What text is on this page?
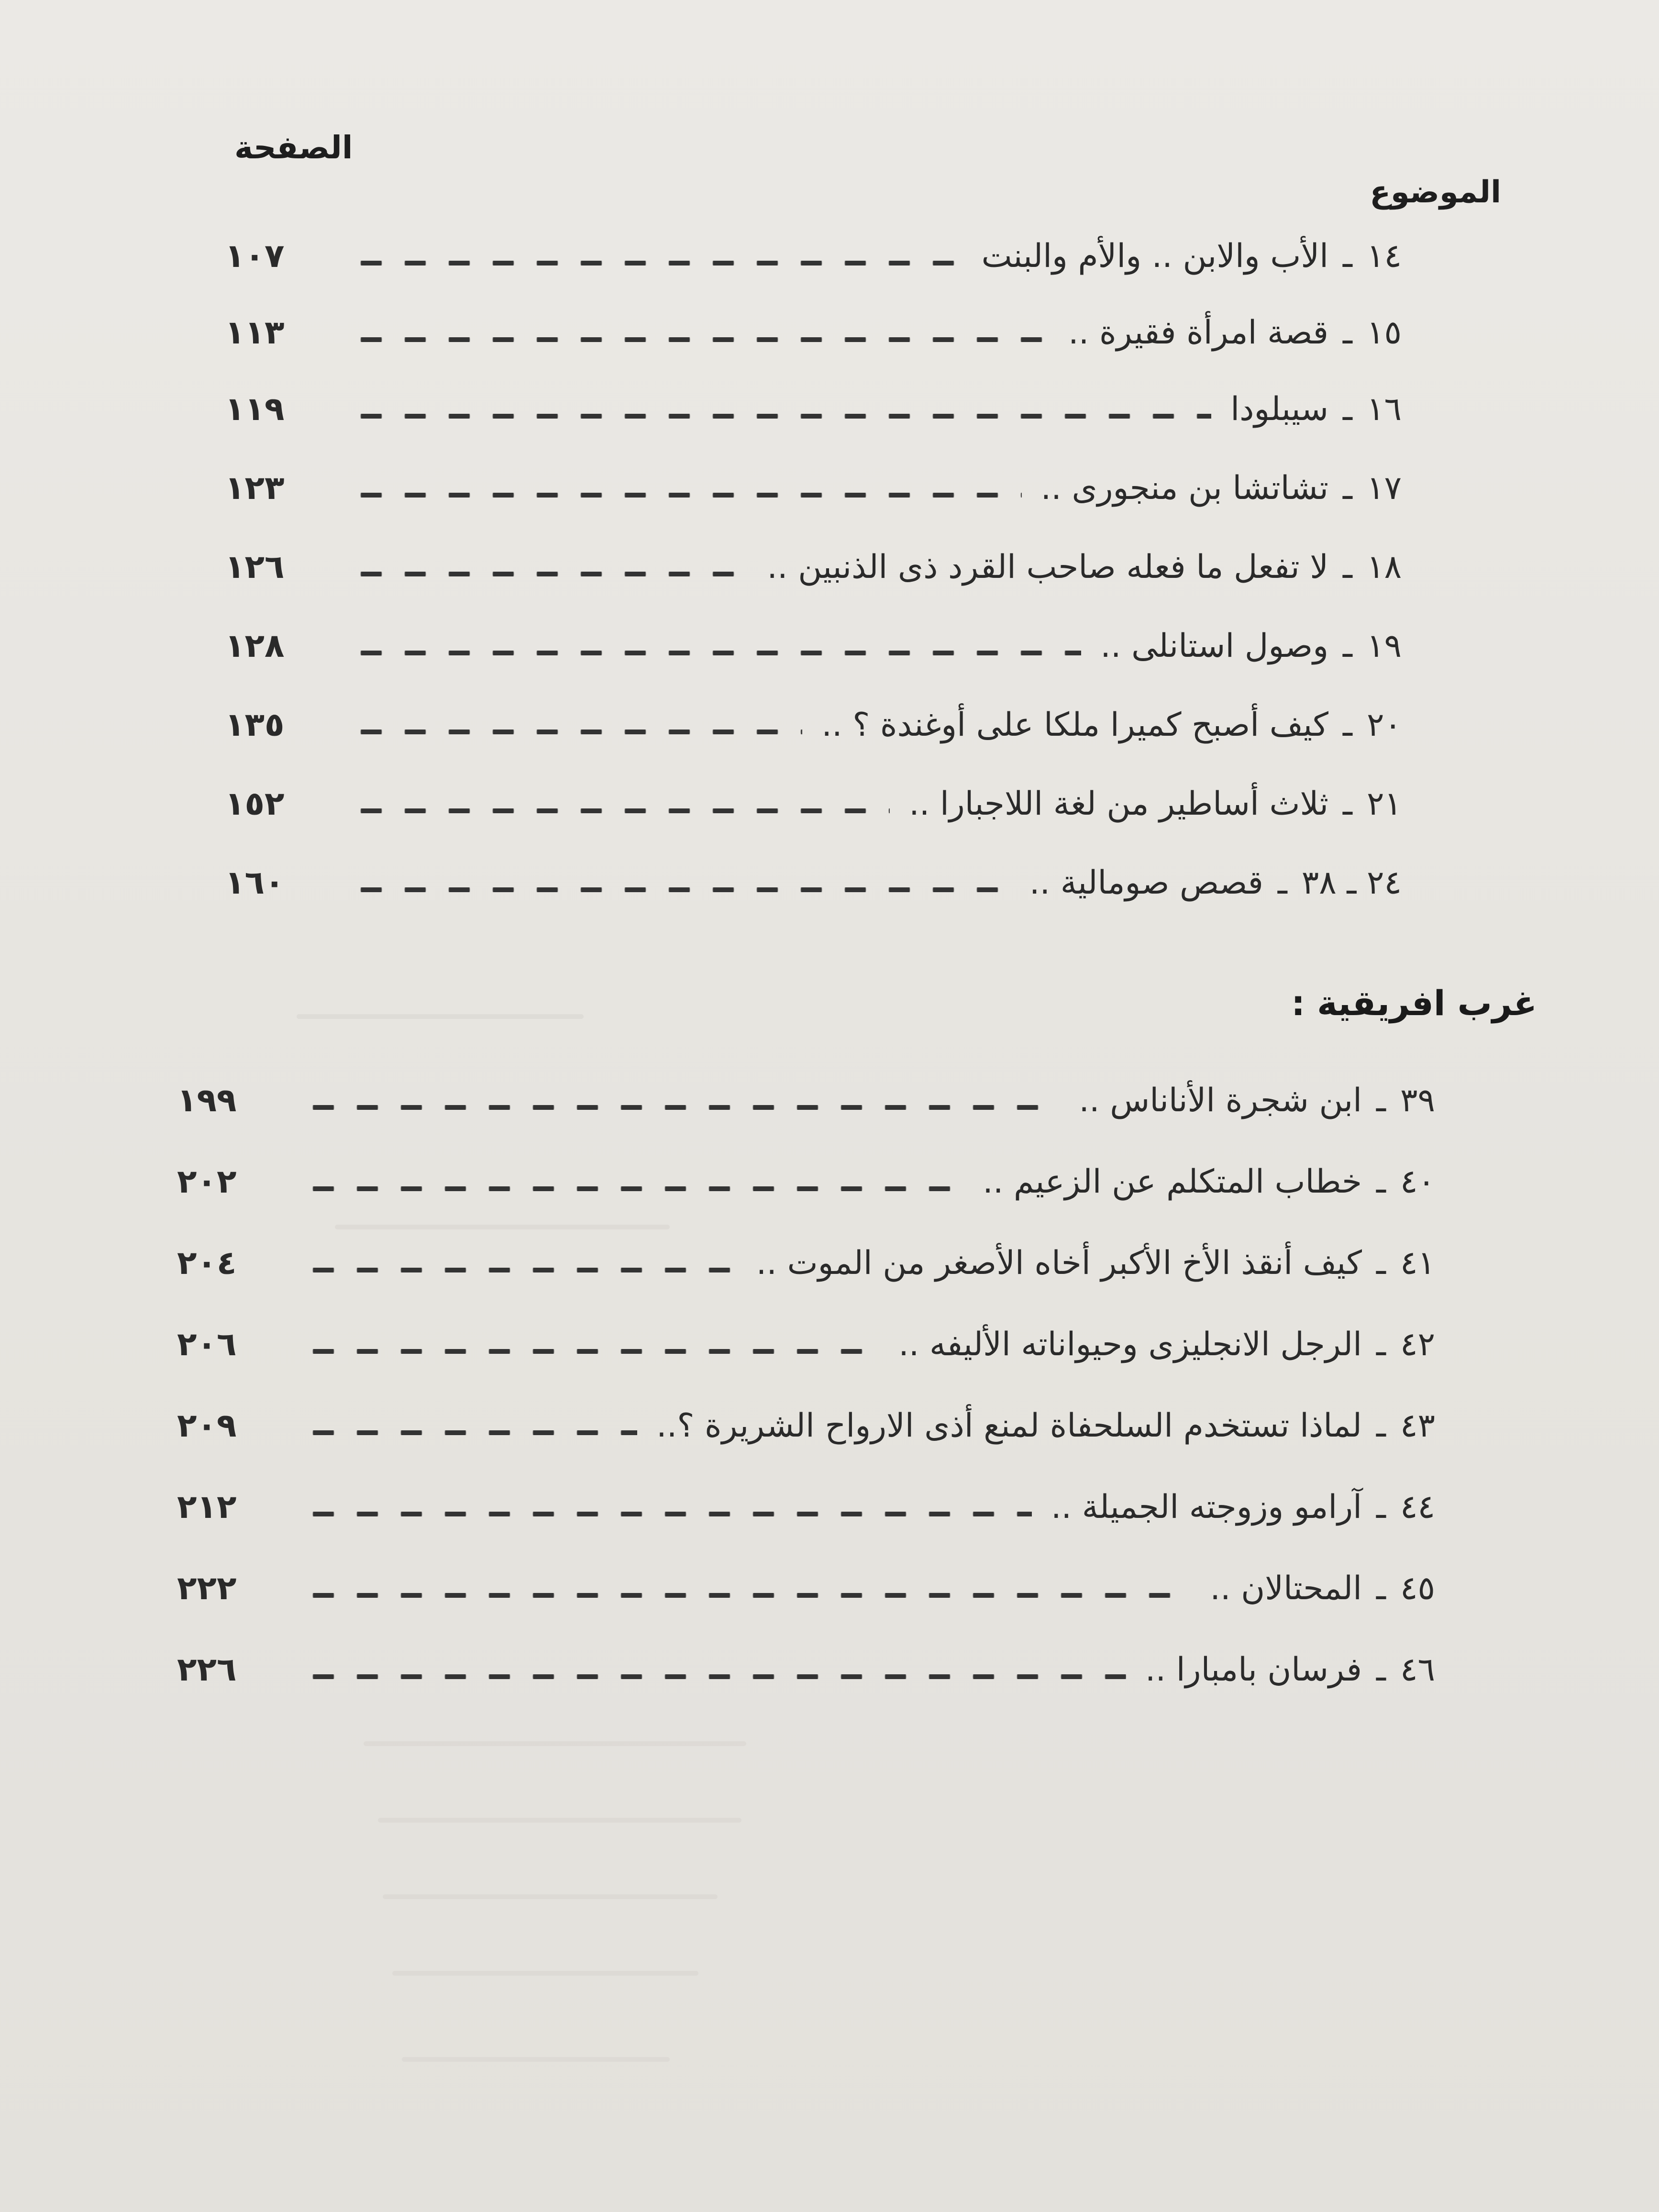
الصفحة
الموضوع
١٤
ـ
الأب والابن .. والأم والبنت
١٠٧
١٥
ـ
قصة امرأة فقيرة ..
١١٣
١٦
ـ
سيبلودا
١١٩
١٧
ـ
تشاتشا بن منجورى ..
١٢٣
١٨
ـ
لا تفعل ما فعله صاحب القرد ذى الذنبين ..
١٢٦
١٩
ـ
وصول استانلى ..
١٢٨
٢٠
ـ
كيف أصبح كميرا ملكا على أوغندة ؟ ..
١٣٥
٢١
ـ
ثلاث أساطير من لغة اللاجبارا ..
١٥٢
٢٤ ـ ٣٨
ـ
قصص صومالية ..
١٦٠
غرب افريقية :
٣٩
ـ
ابن شجرة الأناناس ..
١٩٩
٤٠
ـ
خطاب المتكلم عن الزعيم ..
٢٠٢
٤١
ـ
كيف أنقذ الأخ الأكبر أخاه الأصغر من الموت ..
٢٠٤
٤٢
ـ
الرجل الانجليزى وحيواناته الأليفه ..
٢٠٦
٤٣
ـ
لماذا تستخدم السلحفاة لمنع أذى الارواح الشريرة ؟..
٢٠٩
٤٤
ـ
آرامو وزوجته الجميلة ..
٢١٢
٤٥
ـ
المحتالان ..
٢٢٢
٤٦
ـ
فرسان بامبارا ..
٢٢٦
